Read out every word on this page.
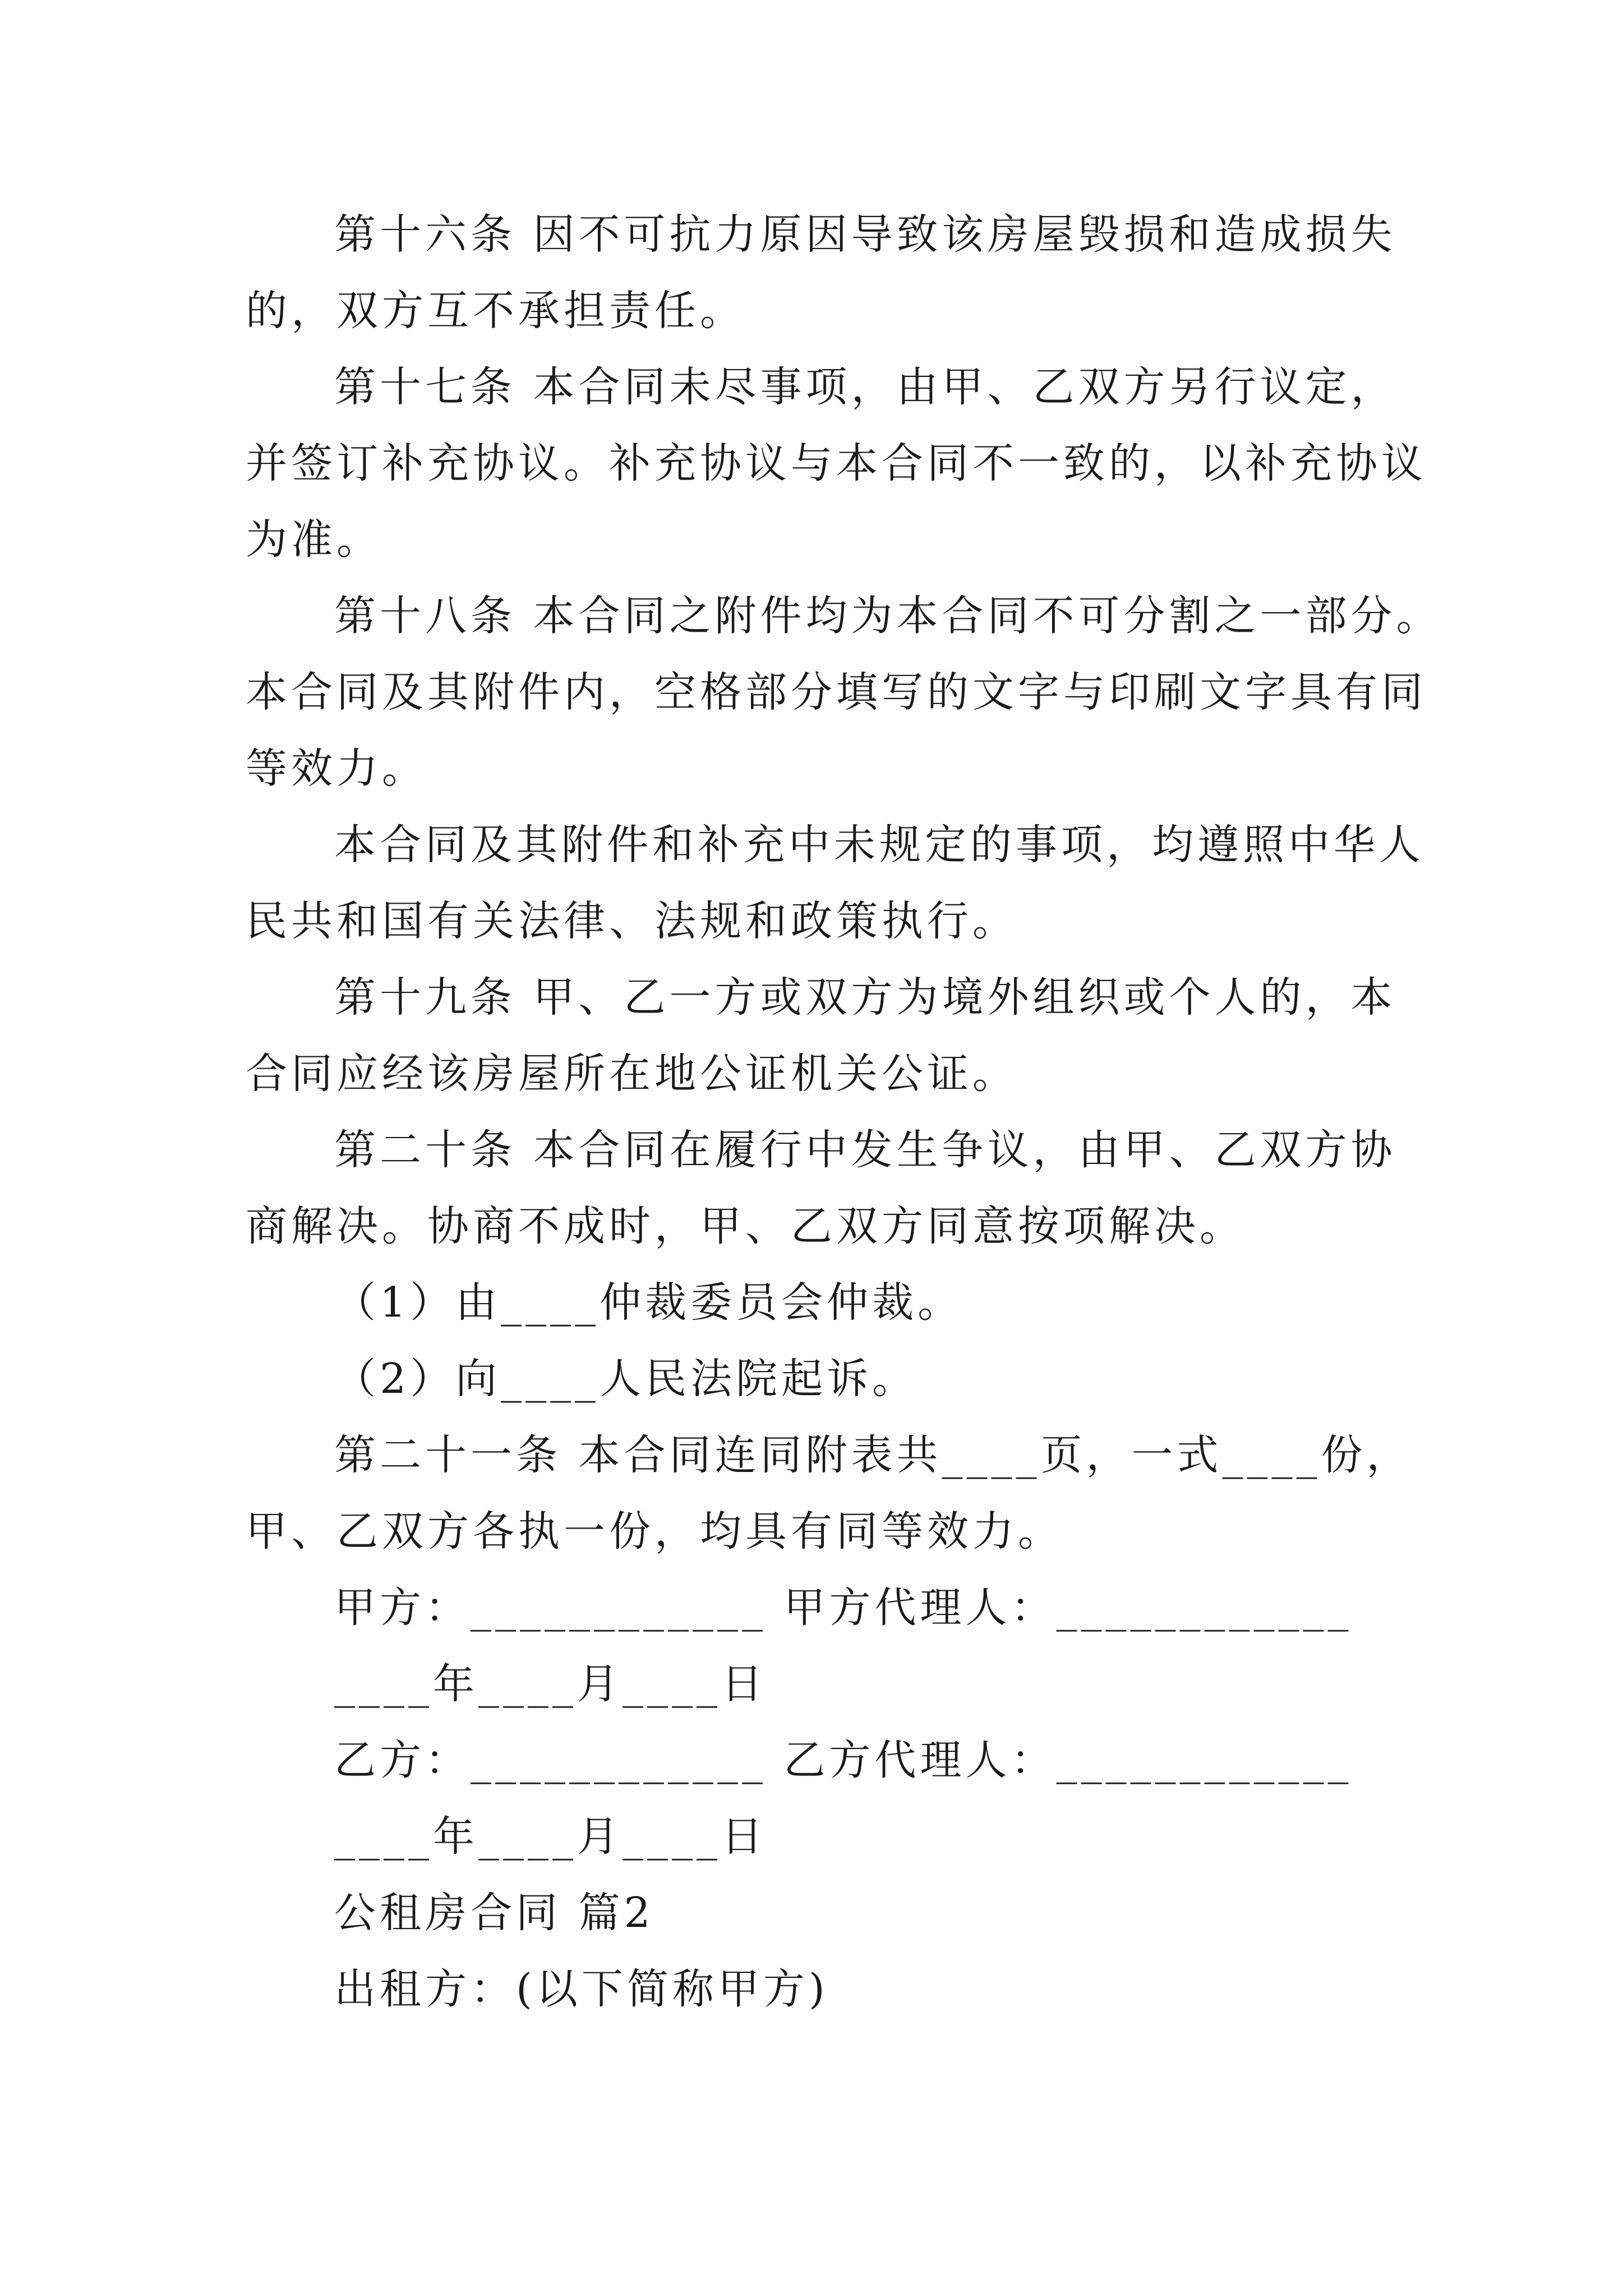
第十六条 因不可抗力原因导致该房屋毁损和造成损失
的，双方互不承担责任。
第十七条 本合同未尽事项，由甲、乙双方另行议定，
并签订补充协议。补充协议与本合同不一致的，以补充协议
为准。
第十八条 本合同之附件均为本合同不可分割之一部分。
本合同及其附件内，空格部分填写的文字与印刷文字具有同
等效力。
本合同及其附件和补充中未规定的事项，均遵照中华人
民共和国有关法律、法规和政策执行。
第十九条 甲、乙一方或双方为境外组织或个人的，本
合同应经该房屋所在地公证机关公证。
第二十条 本合同在履行中发生争议，由甲、乙双方协
商解决。协商不成时，甲、乙双方同意按项解决。
（1）由____仲裁委员会仲裁。
（2）向____人民法院起诉。
第二十一条 本合同连同附表共____页，一式____份，
甲、乙双方各执一份，均具有同等效力。
甲方：____________ 甲方代理人：____________
____年____月____日
乙方：____________ 乙方代理人：____________
____年____月____日
公租房合同 篇2
出租方：(以下简称甲方)
